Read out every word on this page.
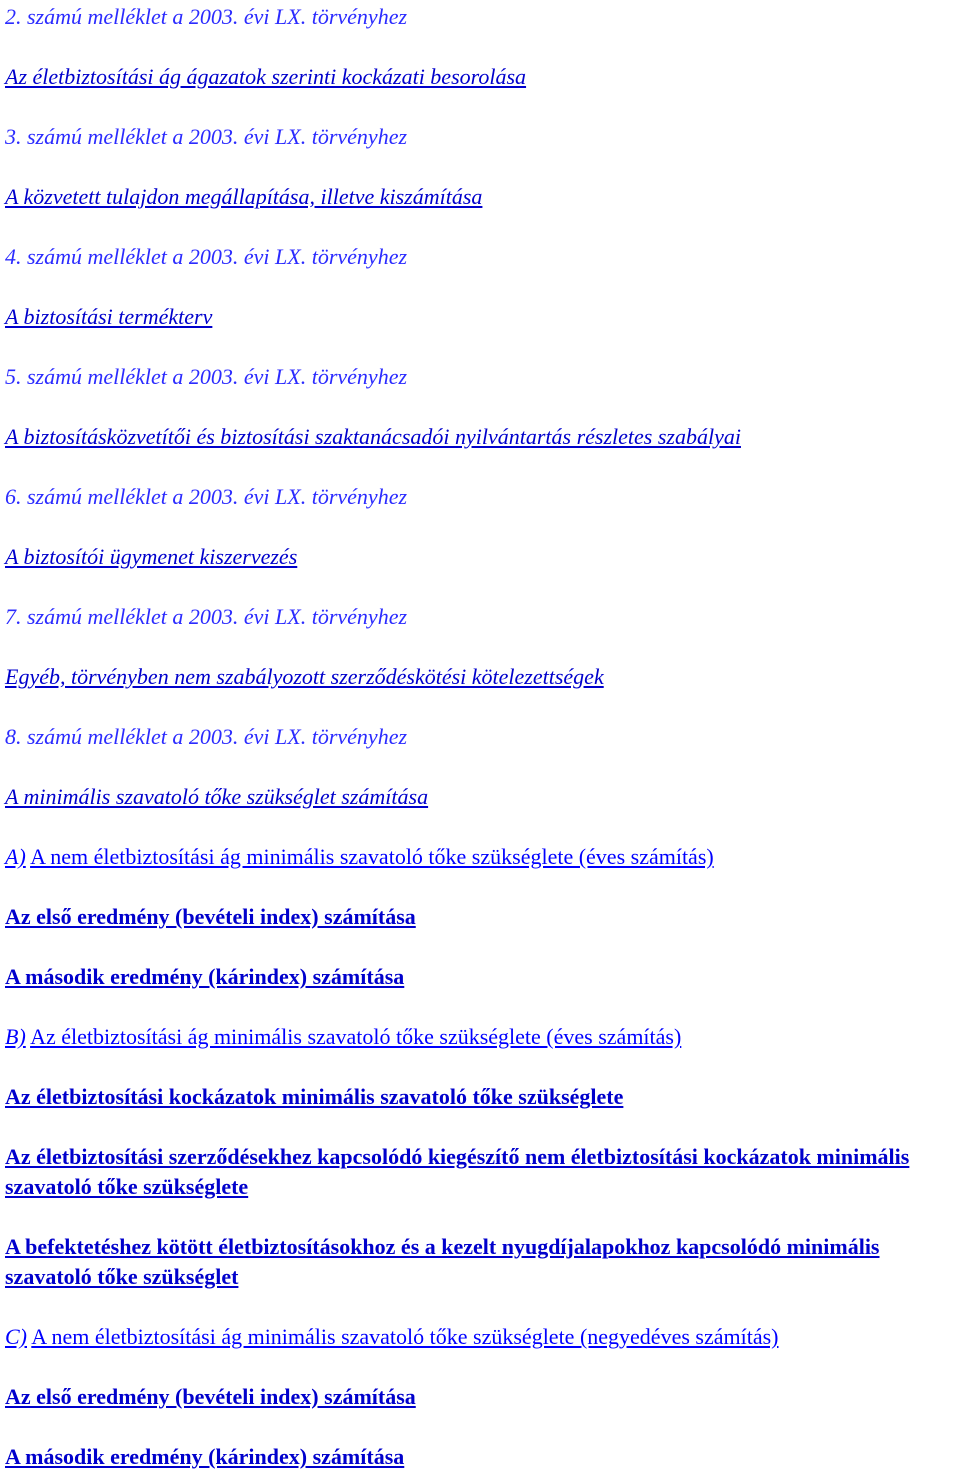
2. számú melléklet a 2003. évi LX. törvényhez
Az életbiztosítási ág ágazatok szerinti kockázati besorolása
3. számú melléklet a 2003. évi LX. törvényhez
A közvetett tulajdon megállapítása, illetve kiszámítása
4. számú melléklet a 2003. évi LX. törvényhez
A biztosítási termékterv
5. számú melléklet a 2003. évi LX. törvényhez
A biztosításközvetítői és biztosítási szaktanácsadói nyilvántartás részletes szabályai
6. számú melléklet a 2003. évi LX. törvényhez
A biztosítói ügymenet kiszervezés
7. számú melléklet a 2003. évi LX. törvényhez
Egyéb, törvényben nem szabályozott szerződéskötési kötelezettségek
8. számú melléklet a 2003. évi LX. törvényhez
A minimális szavatoló tőke szükséglet számítása
A) A nem életbiztosítási ág minimális szavatoló tőke szükséglete (éves számítás)
Az első eredmény (bevételi index) számítása
A második eredmény (kárindex) számítása
B) Az életbiztosítási ág minimális szavatoló tőke szükséglete (éves számítás)
Az életbiztosítási kockázatok minimális szavatoló tőke szükséglete
Az életbiztosítási szerződésekhez kapcsolódó kiegészítő nem életbiztosítási kockázatok minimális szavatoló tőke szükséglete
A befektetéshez kötött életbiztosításokhoz és a kezelt nyugdíjalapokhoz kapcsolódó minimális szavatoló tőke szükséglet
C) A nem életbiztosítási ág minimális szavatoló tőke szükséglete (negyedéves számítás)
Az első eredmény (bevételi index) számítása
A második eredmény (kárindex) számítása
